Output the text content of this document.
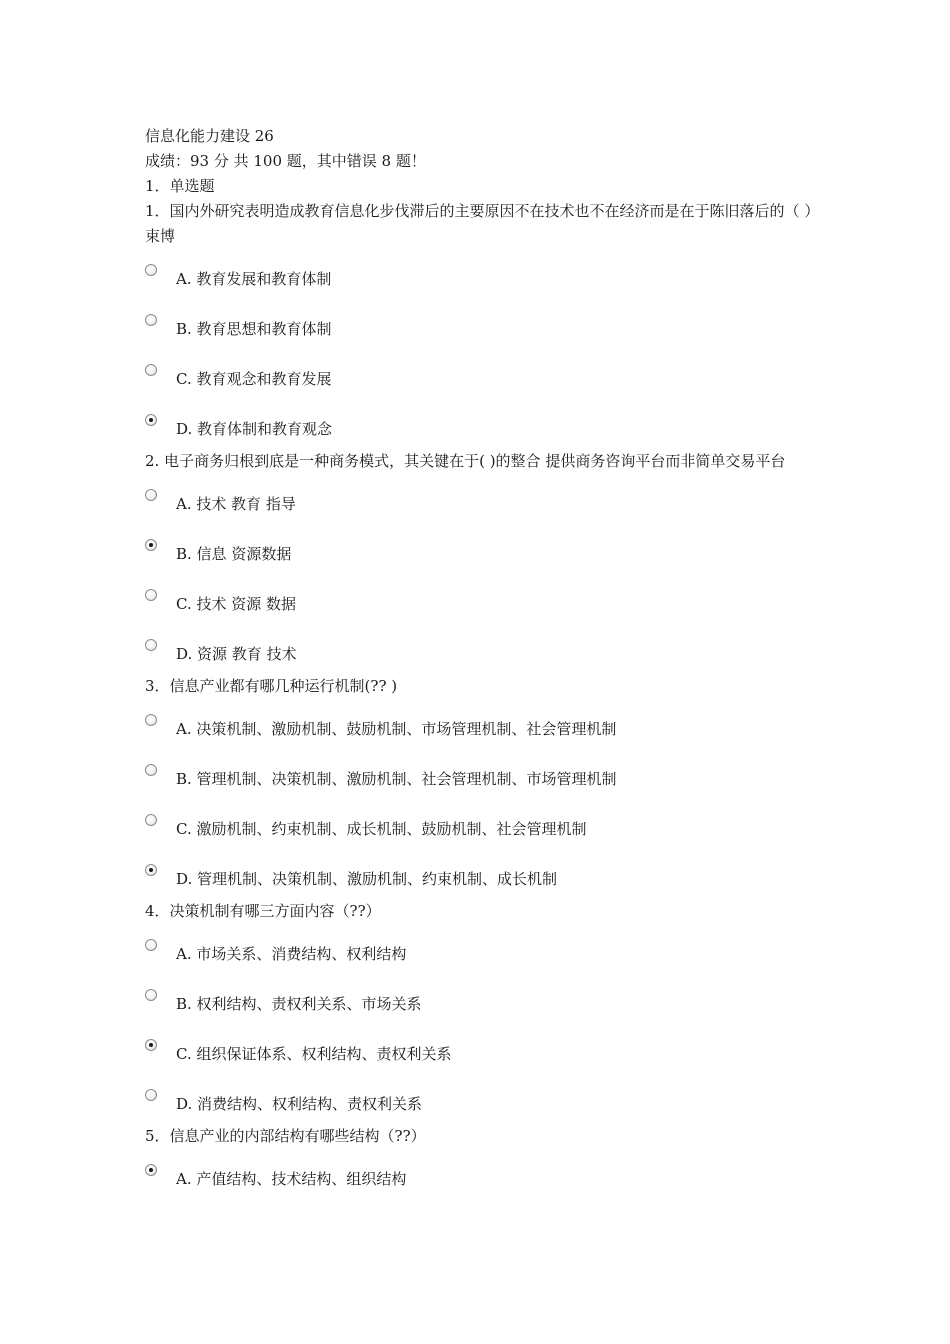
信息化能力建设 26
成绩：93 分 共 100 题，其中错误 8 题！
1．单选题
1．国内外研究表明造成教育信息化步伐滞后的主要原因不在技术也不在经济而是在于陈旧落后的（ ）束博
A. 教育发展和教育体制
B. 教育思想和教育体制
C. 教育观念和教育发展
D. 教育体制和教育观念
2. 电子商务归根到底是一种商务模式，其关键在于( )的整合 提供商务咨询平台而非简单交易平台
A. 技术 教育 指导
B. 信息 资源数据
C. 技术 资源 数据
D. 资源 教育 技术
3．信息产业都有哪几种运行机制(?? )
A. 决策机制、激励机制、鼓励机制、市场管理机制、社会管理机制
B. 管理机制、决策机制、激励机制、社会管理机制、市场管理机制
C. 激励机制、约束机制、成长机制、鼓励机制、社会管理机制
D. 管理机制、决策机制、激励机制、约束机制、成长机制
4．决策机制有哪三方面内容（??）
A. 市场关系、消费结构、权利结构
B. 权利结构、责权利关系、市场关系
C. 组织保证体系、权利结构、责权利关系
D. 消费结构、权利结构、责权利关系
5．信息产业的内部结构有哪些结构（??）
A. 产值结构、技术结构、组织结构
